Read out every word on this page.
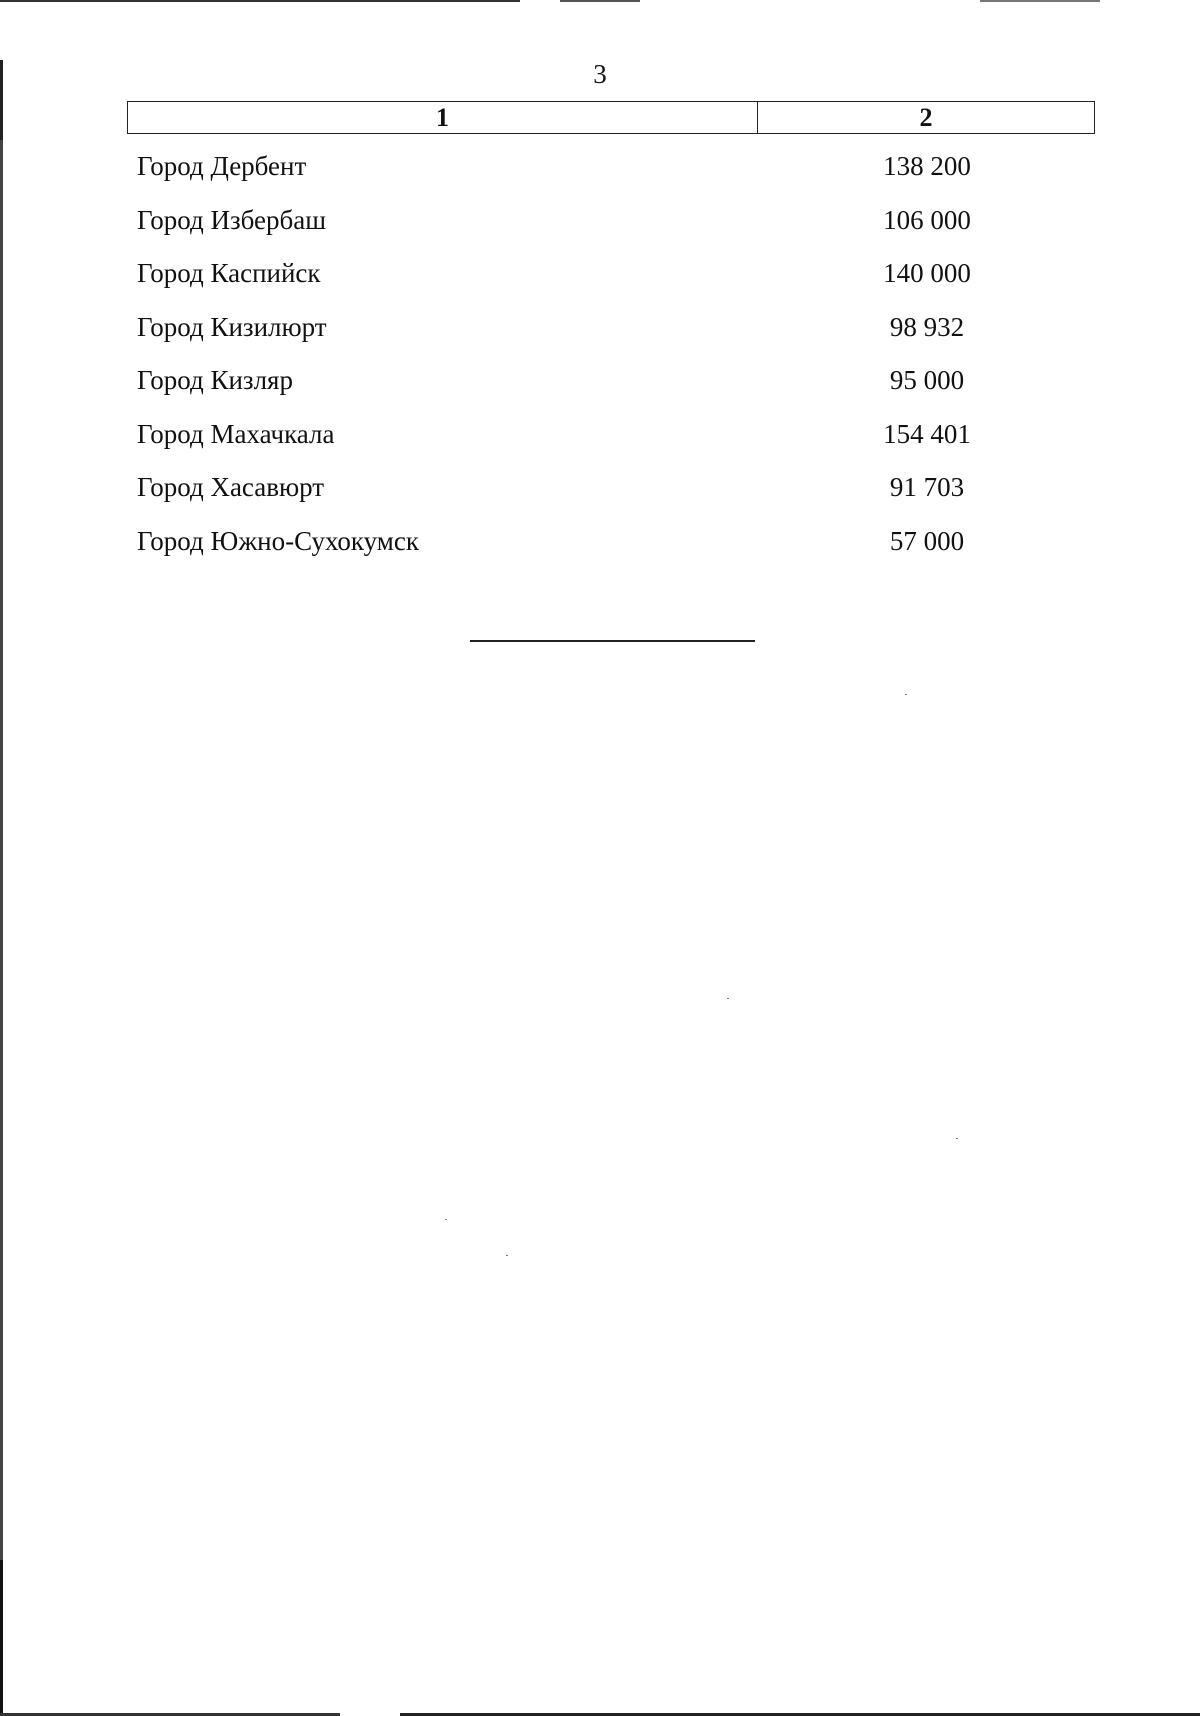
3
1	2
Город Дербент	138 200
Город Избербаш	106 000
Город Каспийск	140 000
Город Кизилюрт	98 932
Город Кизляр	95 000
Город Махачкала	154 401
Город Хасавюрт	91 703
Город Южно-Сухокумск	57 000
